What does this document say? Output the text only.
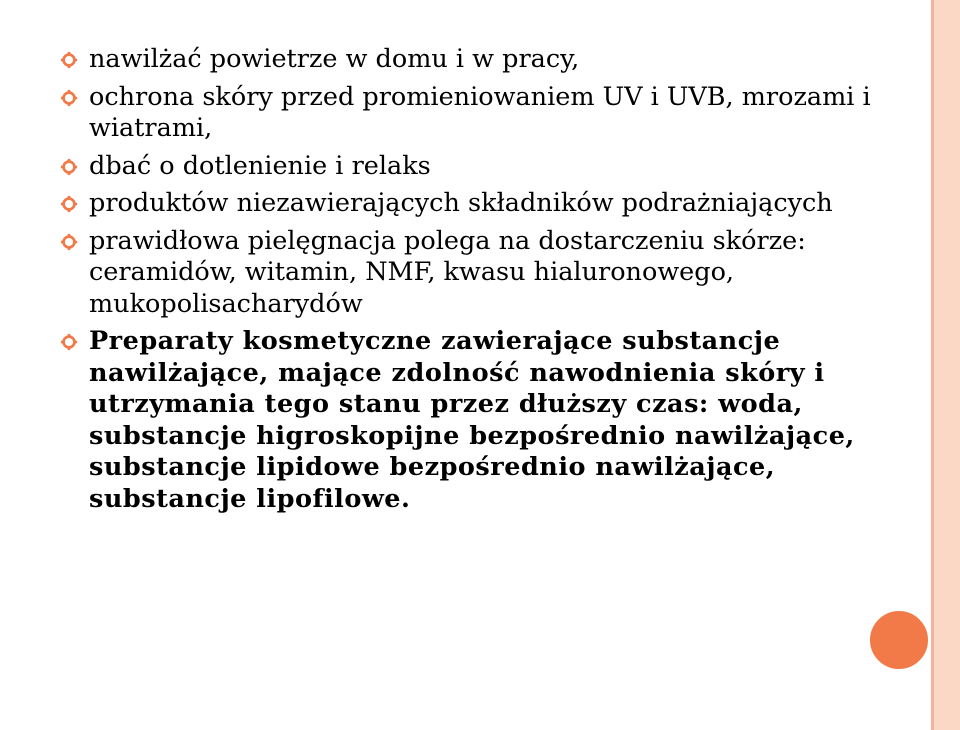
nawilżać powietrze w domu i w pracy,
ochrona skóry przed promieniowaniem UV i UVB, mrozami i wiatrami,
dbać o dotlenienie i relaks
produktów niezawierających składników podrażniających
prawidłowa pielęgnacja polega na dostarczeniu skórze: ceramidów, witamin, NMF, kwasu hialuronowego, mukopolisacharydów
Preparaty kosmetyczne zawierające substancje nawilżające, mające zdolność nawodnienia skóry i utrzymania tego stanu przez dłuższy czas: woda, substancje higroskopijne bezpośrednio nawilżające, substancje lipidowe bezpośrednio nawilżające, substancje lipofilowe.
